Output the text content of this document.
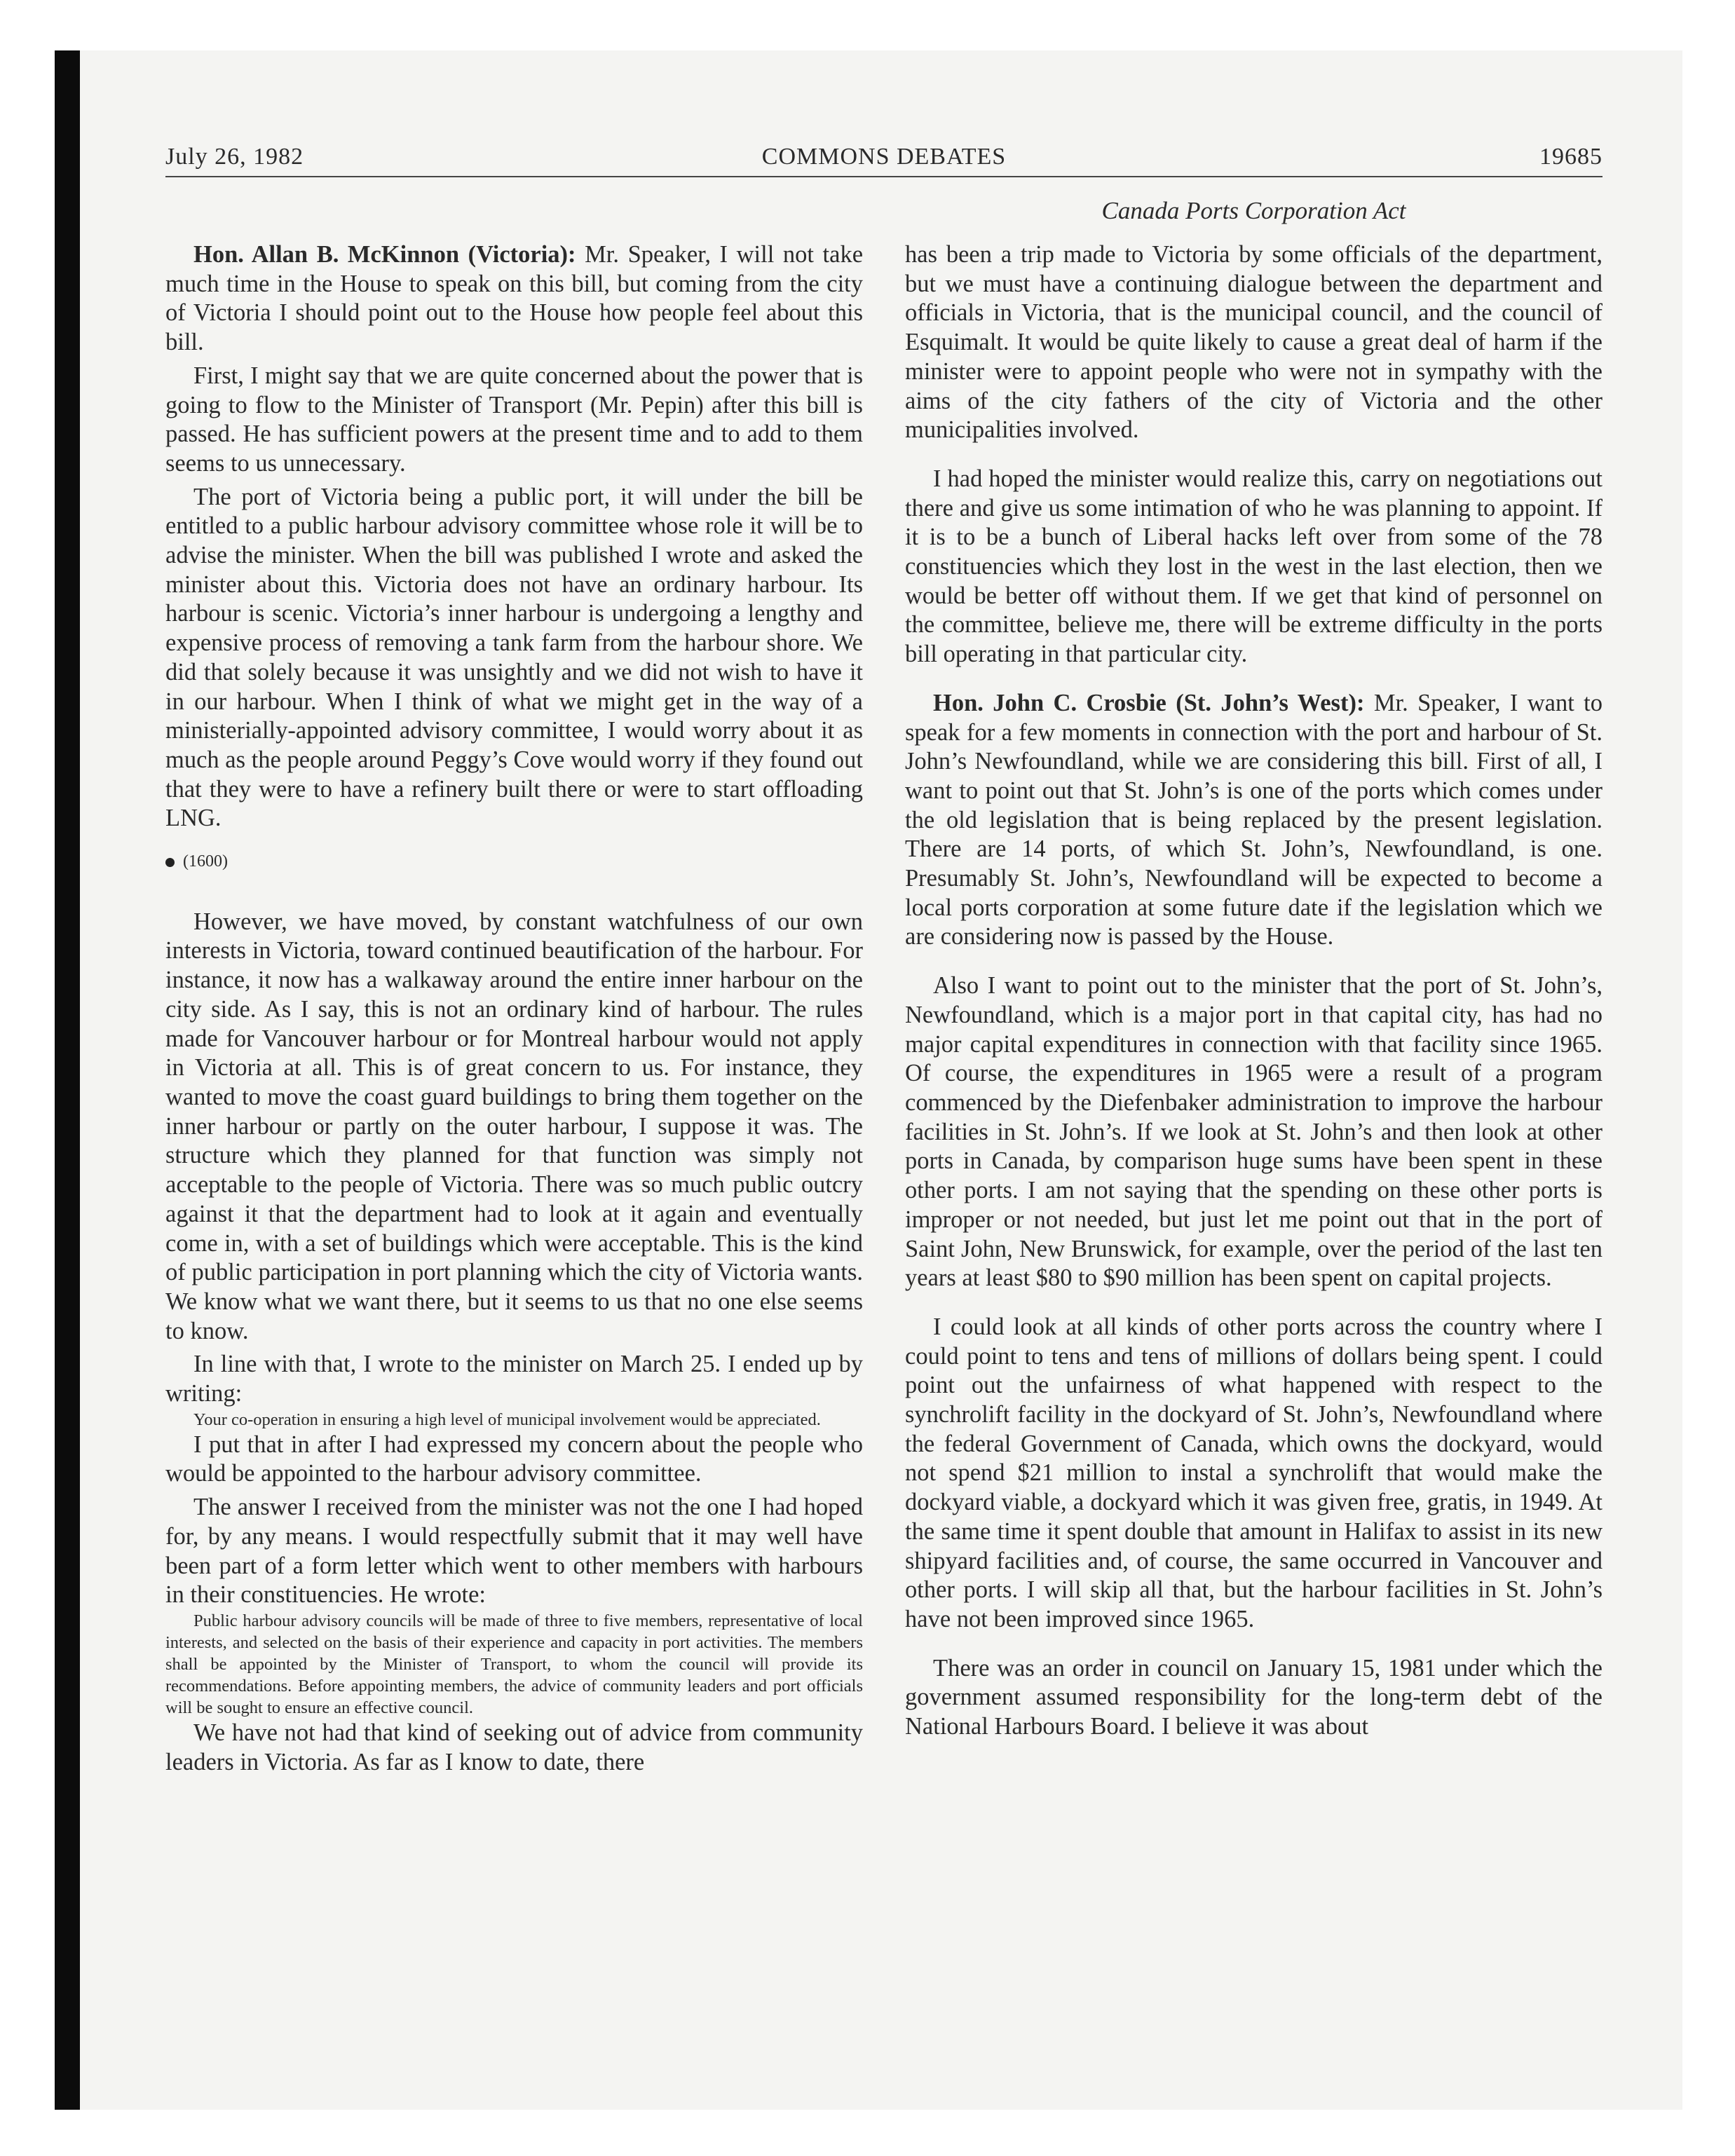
July 26, 1982	COMMONS DEBATES	19685
Canada Ports Corporation Act

Hon. Allan B. McKinnon (Victoria): Mr. Speaker, I will not take much time in the House to speak on this bill, but coming from the city of Victoria I should point out to the House how people feel about this bill.

First, I might say that we are quite concerned about the power that is going to flow to the Minister of Transport (Mr. Pepin) after this bill is passed. He has sufficient powers at the present time and to add to them seems to us unnecessary.

The port of Victoria being a public port, it will under the bill be entitled to a public harbour advisory committee whose role it will be to advise the minister. When the bill was published I wrote and asked the minister about this. Victoria does not have an ordinary harbour. Its harbour is scenic. Victoria’s inner harbour is undergoing a lengthy and expensive process of removing a tank farm from the harbour shore. We did that solely because it was unsightly and we did not wish to have it in our harbour. When I think of what we might get in the way of a ministerially-appointed advisory committee, I would worry about it as much as the people around Peggy’s Cove would worry if they found out that they were to have a refinery built there or were to start offloading LNG.

(1600)

However, we have moved, by constant watchfulness of our own interests in Victoria, toward continued beautification of the harbour. For instance, it now has a walkaway around the entire inner harbour on the city side. As I say, this is not an ordinary kind of harbour. The rules made for Vancouver harbour or for Montreal harbour would not apply in Victoria at all. This is of great concern to us. For instance, they wanted to move the coast guard buildings to bring them together on the inner harbour or partly on the outer harbour, I suppose it was. The structure which they planned for that function was simply not acceptable to the people of Victoria. There was so much public outcry against it that the department had to look at it again and eventually come in, with a set of buildings which were acceptable. This is the kind of public participation in port planning which the city of Victoria wants. We know what we want there, but it seems to us that no one else seems to know.

In line with that, I wrote to the minister on March 25. I ended up by writing:

Your co-operation in ensuring a high level of municipal involvement would be appreciated.

I put that in after I had expressed my concern about the people who would be appointed to the harbour advisory committee.

The answer I received from the minister was not the one I had hoped for, by any means. I would respectfully submit that it may well have been part of a form letter which went to other members with harbours in their constituencies. He wrote:

Public harbour advisory councils will be made of three to five members, representative of local interests, and selected on the basis of their experience and capacity in port activities. The members shall be appointed by the Minister of Transport, to whom the council will provide its recommendations. Before appointing members, the advice of community leaders and port officials will be sought to ensure an effective council.

We have not had that kind of seeking out of advice from community leaders in Victoria. As far as I know to date, there

has been a trip made to Victoria by some officials of the department, but we must have a continuing dialogue between the department and officials in Victoria, that is the municipal council, and the council of Esquimalt. It would be quite likely to cause a great deal of harm if the minister were to appoint people who were not in sympathy with the aims of the city fathers of the city of Victoria and the other municipalities involved.

I had hoped the minister would realize this, carry on negotiations out there and give us some intimation of who he was planning to appoint. If it is to be a bunch of Liberal hacks left over from some of the 78 constituencies which they lost in the west in the last election, then we would be better off without them. If we get that kind of personnel on the committee, believe me, there will be extreme difficulty in the ports bill operating in that particular city.

Hon. John C. Crosbie (St. John’s West): Mr. Speaker, I want to speak for a few moments in connection with the port and harbour of St. John’s Newfoundland, while we are considering this bill. First of all, I want to point out that St. John’s is one of the ports which comes under the old legislation that is being replaced by the present legislation. There are 14 ports, of which St. John’s, Newfoundland, is one. Presumably St. John’s, Newfoundland will be expected to become a local ports corporation at some future date if the legislation which we are considering now is passed by the House.

Also I want to point out to the minister that the port of St. John’s, Newfoundland, which is a major port in that capital city, has had no major capital expenditures in connection with that facility since 1965. Of course, the expenditures in 1965 were a result of a program commenced by the Diefenbaker administration to improve the harbour facilities in St. John’s. If we look at St. John’s and then look at other ports in Canada, by comparison huge sums have been spent in these other ports. I am not saying that the spending on these other ports is improper or not needed, but just let me point out that in the port of Saint John, New Brunswick, for example, over the period of the last ten years at least $80 to $90 million has been spent on capital projects.

I could look at all kinds of other ports across the country where I could point to tens and tens of millions of dollars being spent. I could point out the unfairness of what happened with respect to the synchrolift facility in the dockyard of St. John’s, Newfoundland where the federal Government of Canada, which owns the dockyard, would not spend $21 million to instal a synchrolift that would make the dockyard viable, a dockyard which it was given free, gratis, in 1949. At the same time it spent double that amount in Halifax to assist in its new shipyard facilities and, of course, the same occurred in Vancouver and other ports. I will skip all that, but the harbour facilities in St. John’s have not been improved since 1965.

There was an order in council on January 15, 1981 under which the government assumed responsibility for the long-term debt of the National Harbours Board. I believe it was about
